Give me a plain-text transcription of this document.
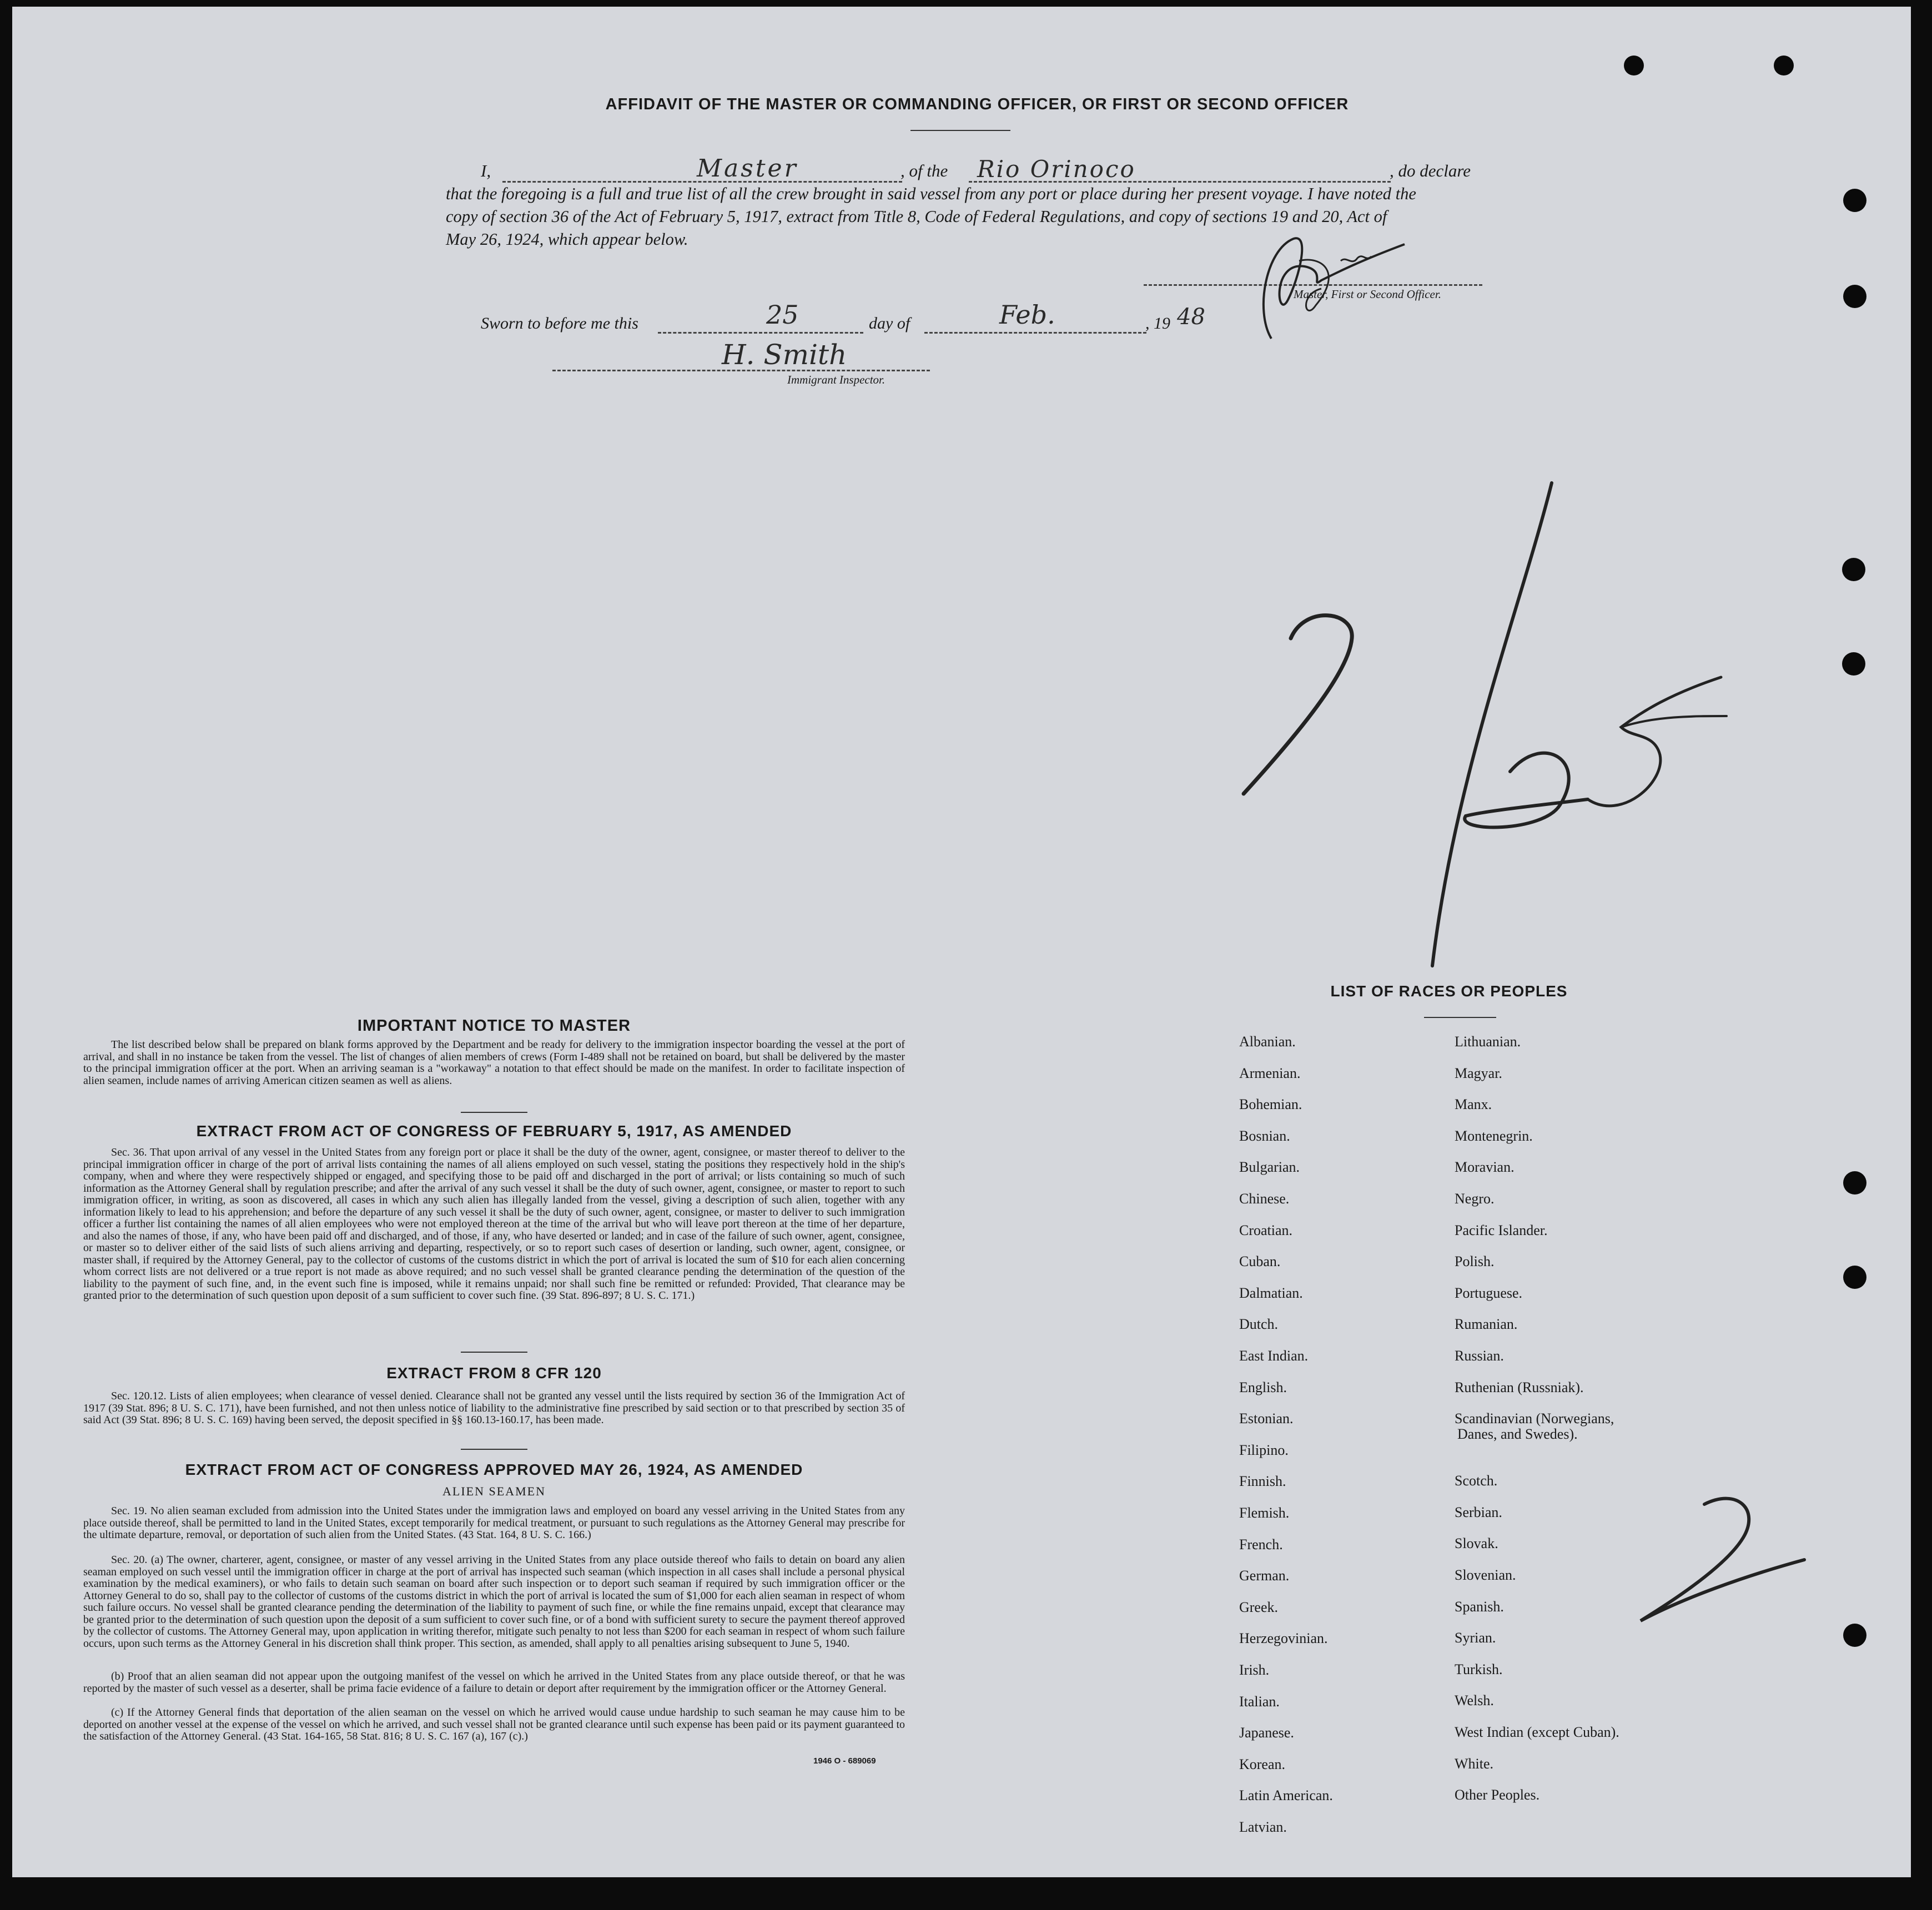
AFFIDAVIT OF THE MASTER OR COMMANDING OFFICER, OR FIRST OR SECOND OFFICER
I,	Master	, of the Rio Orinoco	, do declare
that the foregoing is a full and true list of all the crew brought in said vessel from any port or place during her present voyage. I have noted the
copy of section 36 of the Act of February 5, 1917, extract from Title 8, Code of Federal Regulations, and copy of sections 19 and 20, Act of
May 26, 1924, which appear below.
Master, First or Second Officer.
Sworn to before me this	25	day of	Feb.	, 19 48
H. Smith
Immigrant Inspector.
IMPORTANT NOTICE TO MASTER
The list described below shall be prepared on blank forms approved by the Department and be ready for delivery to the immigration inspector boarding the vessel at the port of arrival, and shall in no instance be taken from the vessel. The list of changes of alien members of crews (Form I-489 shall not be retained on board, but shall be delivered by the master to the principal immigration officer at the port. When an arriving seaman is a "workaway" a notation to that effect should be made on the manifest. In order to facilitate inspection of alien seamen, include names of arriving American citizen seamen as well as aliens.
EXTRACT FROM ACT OF CONGRESS OF FEBRUARY 5, 1917, AS AMENDED
Sec. 36. That upon arrival of any vessel in the United States from any foreign port or place it shall be the duty of the owner, agent, consignee, or master thereof to deliver to the principal immigration officer in charge of the port of arrival lists containing the names of all aliens employed on such vessel, stating the positions they respectively hold in the ship's company, when and where they were respectively shipped or engaged, and specifying those to be paid off and discharged in the port of arrival; or lists containing so much of such information as the Attorney General shall by regulation prescribe; and after the arrival of any such vessel it shall be the duty of such owner, agent, consignee, or master to report to such immigration officer, in writing, as soon as discovered, all cases in which any such alien has illegally landed from the vessel, giving a description of such alien, together with any information likely to lead to his apprehension; and before the departure of any such vessel it shall be the duty of such owner, agent, consignee, or master to deliver to such immigration officer a further list containing the names of all alien employees who were not employed thereon at the time of the arrival but who will leave port thereon at the time of her departure, and also the names of those, if any, who have been paid off and discharged, and of those, if any, who have deserted or landed; and in case of the failure of such owner, agent, consignee, or master so to deliver either of the said lists of such aliens arriving and departing, respectively, or so to report such cases of desertion or landing, such owner, agent, consignee, or master shall, if required by the Attorney General, pay to the collector of customs of the customs district in which the port of arrival is located the sum of $10 for each alien concerning whom correct lists are not delivered or a true report is not made as above required; and no such vessel shall be granted clearance pending the determination of the question of the liability to the payment of such fine, and, in the event such fine is imposed, while it remains unpaid; nor shall such fine be remitted or refunded: Provided, That clearance may be granted prior to the determination of such question upon deposit of a sum sufficient to cover such fine. (39 Stat. 896-897; 8 U. S. C. 171.)
EXTRACT FROM 8 CFR 120
Sec. 120.12. Lists of alien employees; when clearance of vessel denied. Clearance shall not be granted any vessel until the lists required by section 36 of the Immigration Act of 1917 (39 Stat. 896; 8 U. S. C. 171), have been furnished, and not then unless notice of liability to the administrative fine prescribed by said section or to that prescribed by section 35 of said Act (39 Stat. 896; 8 U. S. C. 169) having been served, the deposit specified in §§ 160.13-160.17, has been made.
EXTRACT FROM ACT OF CONGRESS APPROVED MAY 26, 1924, AS AMENDED
ALIEN SEAMEN
Sec. 19. No alien seaman excluded from admission into the United States under the immigration laws and employed on board any vessel arriving in the United States from any place outside thereof, shall be permitted to land in the United States, except temporarily for medical treatment, or pursuant to such regulations as the Attorney General may prescribe for the ultimate departure, removal, or deportation of such alien from the United States. (43 Stat. 164, 8 U. S. C. 166.)
Sec. 20. (a) The owner, charterer, agent, consignee, or master of any vessel arriving in the United States from any place outside thereof who fails to detain on board any alien seaman employed on such vessel until the immigration officer in charge at the port of arrival has inspected such seaman (which inspection in all cases shall include a personal physical examination by the medical examiners), or who fails to detain such seaman on board after such inspection or to deport such seaman if required by such immigration officer or the Attorney General to do so, shall pay to the collector of customs of the customs district in which the port of arrival is located the sum of $1,000 for each alien seaman in respect of whom such failure occurs. No vessel shall be granted clearance pending the determination of the liability to payment of such fine, or while the fine remains unpaid, except that clearance may be granted prior to the determination of such question upon the deposit of a sum sufficient to cover such fine, or of a bond with sufficient surety to secure the payment thereof approved by the collector of customs. The Attorney General may, upon application in writing therefor, mitigate such penalty to not less than $200 for each seaman in respect of whom such failure occurs, upon such terms as the Attorney General in his discretion shall think proper. This section, as amended, shall apply to all penalties arising subsequent to June 5, 1940.
(b) Proof that an alien seaman did not appear upon the outgoing manifest of the vessel on which he arrived in the United States from any place outside thereof, or that he was reported by the master of such vessel as a deserter, shall be prima facie evidence of a failure to detain or deport after requirement by the immigration officer or the Attorney General.
(c) If the Attorney General finds that deportation of the alien seaman on the vessel on which he arrived would cause undue hardship to such seaman he may cause him to be deported on another vessel at the expense of the vessel on which he arrived, and such vessel shall not be granted clearance until such expense has been paid or its payment guaranteed to the satisfaction of the Attorney General. (43 Stat. 164-165, 58 Stat. 816; 8 U. S. C. 167 (a), 167 (c).)
1946 O - 689069
LIST OF RACES OR PEOPLES
Albanian.
Armenian.
Bohemian.
Bosnian.
Bulgarian.
Chinese.
Croatian.
Cuban.
Dalmatian.
Dutch.
East Indian.
English.
Estonian.
Filipino.
Finnish.
Flemish.
French.
German.
Greek.
Herzegovinian.
Irish.
Italian.
Japanese.
Korean.
Latin American.
Latvian.
Lithuanian.
Magyar.
Manx.
Montenegrin.
Moravian.
Negro.
Pacific Islander.
Polish.
Portuguese.
Rumanian.
Russian.
Ruthenian (Russniak).
Scandinavian (Norwegians,
Danes, and Swedes).
Scotch.
Serbian.
Slovak.
Slovenian.
Spanish.
Syrian.
Turkish.
Welsh.
West Indian (except Cuban).
White.
Other Peoples.
